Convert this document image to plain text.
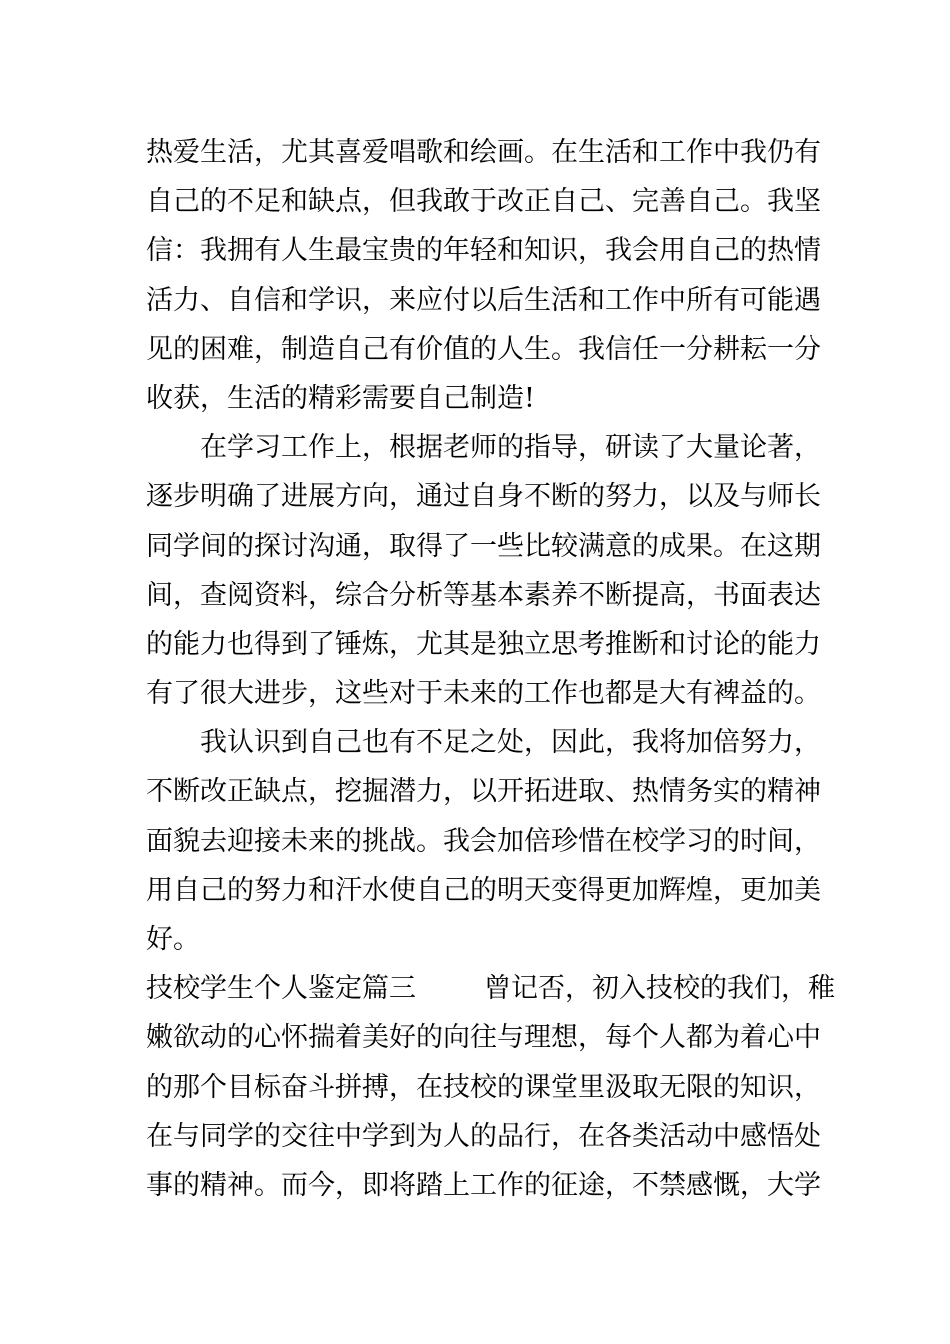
热爱生活，尤其喜爱唱歌和绘画。在生活和工作中我仍有
自己的不足和缺点，但我敢于改正自己、完善自己。我坚
信：我拥有人生最宝贵的年轻和知识，我会用自己的热情
活力、自信和学识，来应付以后生活和工作中所有可能遇
见的困难，制造自己有价值的人生。我信任一分耕耘一分
收获，生活的精彩需要自己制造!
在学习工作上，根据老师的指导，研读了大量论著，
逐步明确了进展方向，通过自身不断的努力，以及与师长
同学间的探讨沟通，取得了一些比较满意的成果。在这期
间，查阅资料，综合分析等基本素养不断提高，书面表达
的能力也得到了锤炼，尤其是独立思考推断和讨论的能力
有了很大进步，这些对于未来的工作也都是大有裨益的。
我认识到自己也有不足之处，因此，我将加倍努力，
不断改正缺点，挖掘潜力，以开拓进取、热情务实的精神
面貌去迎接未来的挑战。我会加倍珍惜在校学习的时间，
用自己的努力和汗水使自己的明天变得更加辉煌，更加美
好。
技校学生个人鉴定篇三	曾记否，初入技校的我们，稚
嫩欲动的心怀揣着美好的向往与理想，每个人都为着心中
的那个目标奋斗拼搏，在技校的课堂里汲取无限的知识，
在与同学的交往中学到为人的品行，在各类活动中感悟处
事的精神。而今，即将踏上工作的征途，不禁感慨，大学
